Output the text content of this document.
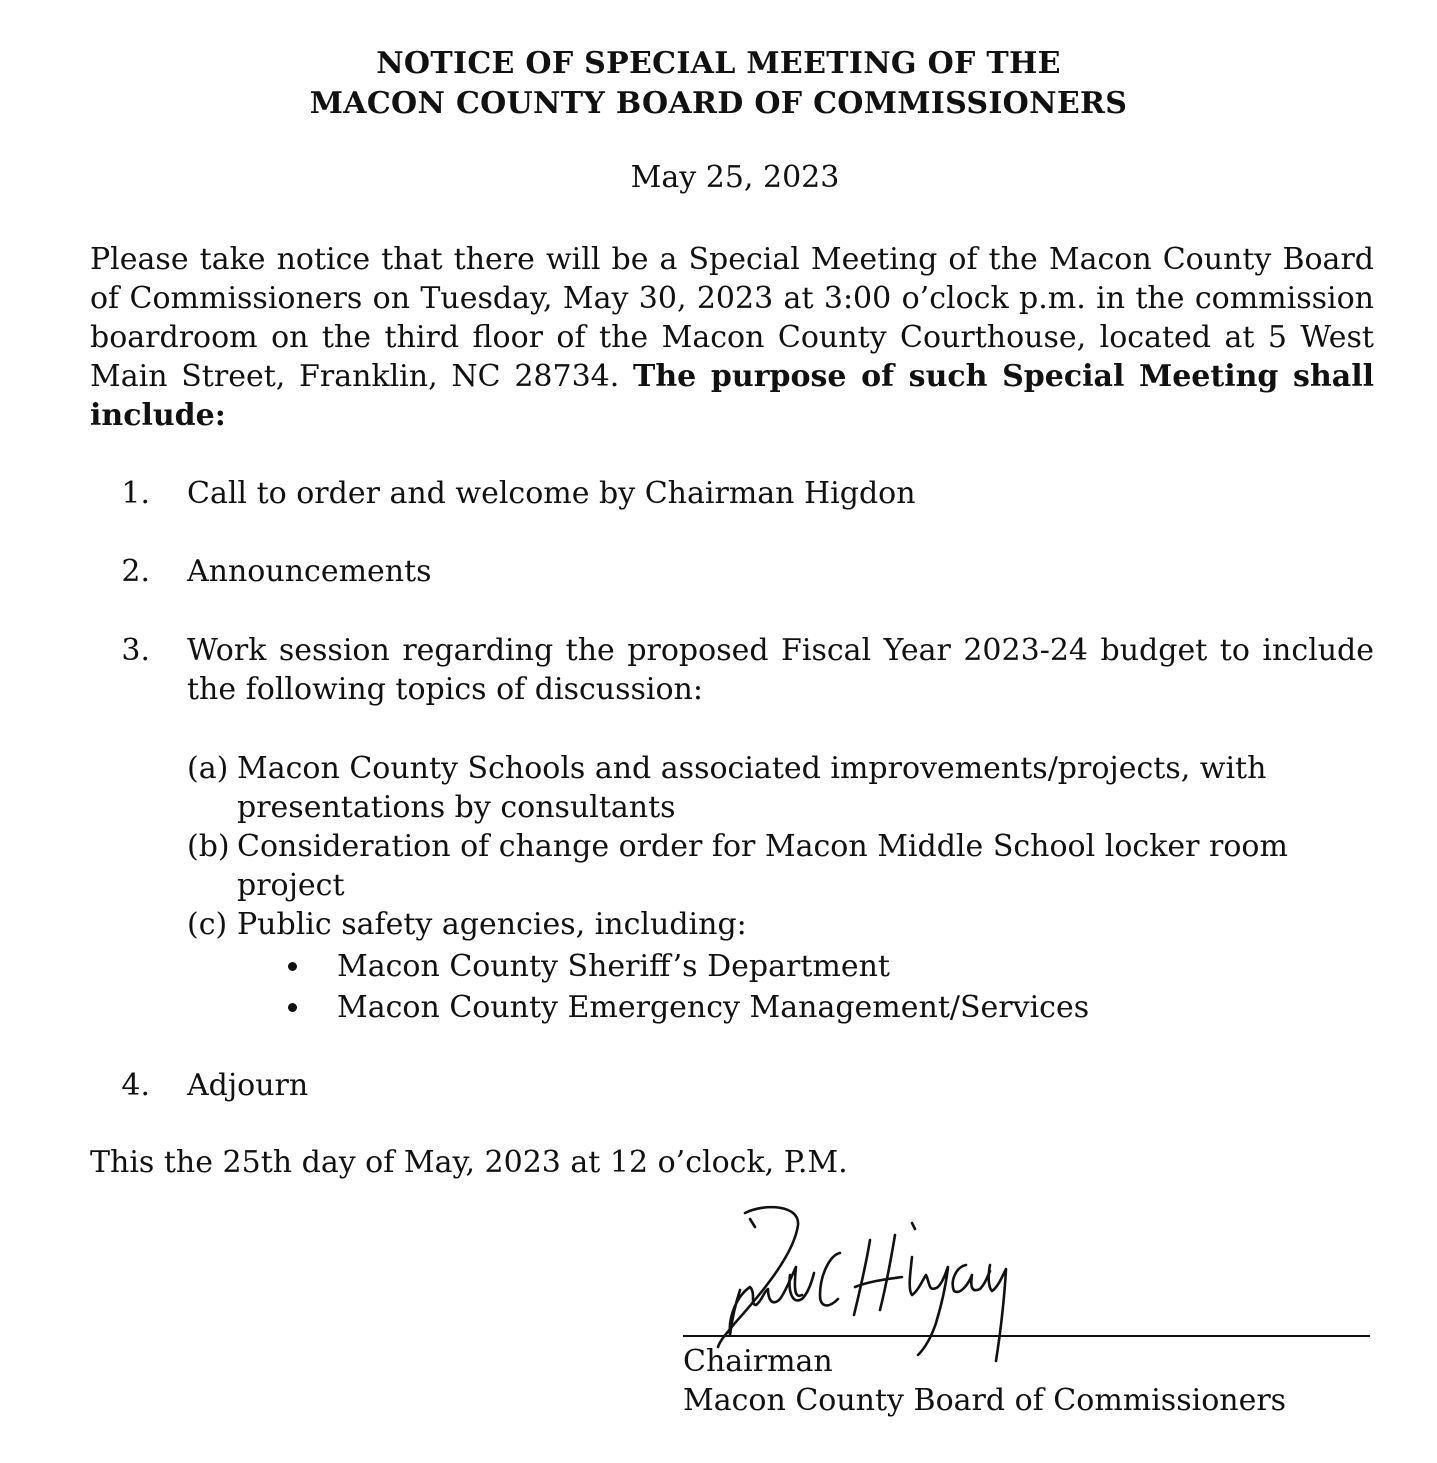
NOTICE OF SPECIAL MEETING OF THE
MACON COUNTY BOARD OF COMMISSIONERS
May 25, 2023
Please take notice that there will be a Special Meeting of the Macon County Board of Commissioners on Tuesday, May 30, 2023 at 3:00 o’clock p.m. in the commission boardroom on the third floor of the Macon County Courthouse, located at 5 West Main Street, Franklin, NC 28734. The purpose of such Special Meeting shall include:
1. Call to order and welcome by Chairman Higdon
2. Announcements
3. Work session regarding the proposed Fiscal Year 2023-24 budget to include the following topics of discussion:
(a) Macon County Schools and associated improvements/projects, with presentations by consultants
(b) Consideration of change order for Macon Middle School locker room project
(c) Public safety agencies, including:
Macon County Sheriff’s Department
Macon County Emergency Management/Services
4. Adjourn
This the 25th day of May, 2023 at 12 o’clock, P.M.
Chairman
Macon County Board of Commissioners
